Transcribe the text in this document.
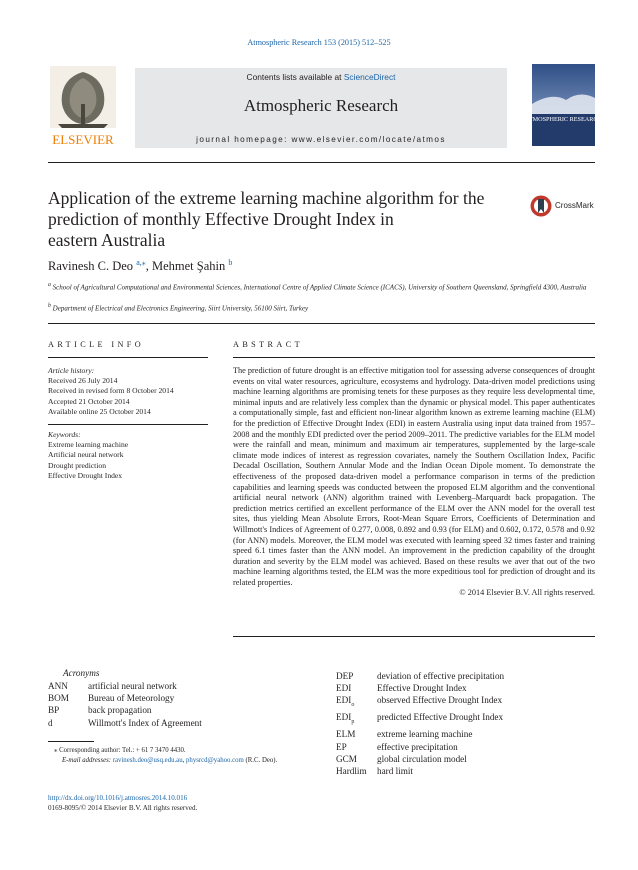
Atmospheric Research 153 (2015) 512–525
ELSEVIER
Contents lists available at ScienceDirect
Atmospheric Research
journal homepage: www.elsevier.com/locate/atmos
ATMOSPHERIC RESEARCH
Application of the extreme learning machine algorithm for the
prediction of monthly Effective Drought Index in
eastern Australia
CrossMark
Ravinesh C. Deo $^{a,⁎}$, Mehmet Şahin $^b$
$^a$ School of Agricultural Computational and Environmental Sciences, International Centre of Applied Climate Science (ICACS), University of Southern Queensland, Springfield 4300, Australia
$^b$ Department of Electrical and Electronics Engineering, Siirt University, 56100 Siirt, Turkey
ARTICLE INFO
Article history:
Received 26 July 2014
Received in revised form 8 October 2014
Accepted 21 October 2014
Available online 25 October 2014
Keywords:
Extreme learning machine
Artificial neural network
Drought prediction
Effective Drought Index
ABSTRACT
The prediction of future drought is an effective mitigation tool for assessing adverse consequences of drought events on vital water resources, agriculture, ecosystems and hydrology. Data-driven model predictions using machine learning algorithms are promising tenets for these purposes as they require less developmental time, minimal inputs and are relatively less complex than the dynamic or physical model. This paper authenticates a computationally simple, fast and efficient non-linear algorithm known as extreme learning machine (ELM) for the prediction of Effective Drought Index (EDI) in eastern Australia using input data trained from 1957–2008 and the monthly EDI predicted over the period 2009–2011. The predictive variables for the ELM model were the rainfall and mean, minimum and maximum air temperatures, supplemented by the large-scale climate mode indices of interest as regression covariates, namely the Southern Oscillation Index, Pacific Decadal Oscillation, Southern Annular Mode and the Indian Ocean Dipole moment. To demonstrate the effectiveness of the proposed data-driven model a performance comparison in terms of the prediction capabilities and learning speeds was conducted between the proposed ELM algorithm and the conventional artificial neural network (ANN) algorithm trained with Levenberg–Marquardt back propagation. The prediction metrics certified an excellent performance of the ELM over the ANN model for the overall test sites, thus yielding Mean Absolute Errors, Root-Mean Square Errors, Coefficients of Determination and Willmott's Indices of Agreement of 0.277, 0.008, 0.892 and 0.93 (for ELM) and 0.602, 0.172, 0.578 and 0.92 (for ANN) models. Moreover, the ELM model was executed with learning speed 32 times faster and training speed 6.1 times faster than the ANN model. An improvement in the prediction capability of the drought duration and severity by the ELM model was achieved. Based on these results we aver that out of the two machine learning algorithms tested, the ELM was the more expeditious tool for prediction of drought and its related properties.
© 2014 Elsevier B.V. All rights reserved.
Acronyms
ANN	artificial neural network
BOM	Bureau of Meteorology
BP	back propagation
d	Willmott's Index of Agreement
DEP	deviation of effective precipitation
EDI	Effective Drought Index
$EDI_o$	observed Effective Drought Index
$EDI_p$	predicted Effective Drought Index
ELM	extreme learning machine
EP	effective precipitation
GCM	global circulation model
Hardlim	hard limit
⁎ Corresponding author: Tel.: + 61 7 3470 4430.
E-mail addresses: ravinesh.deo@usq.edu.au, physrcd@yahoo.com (R.C. Deo).
http://dx.doi.org/10.1016/j.atmosres.2014.10.016
0169-8095/© 2014 Elsevier B.V. All rights reserved.
